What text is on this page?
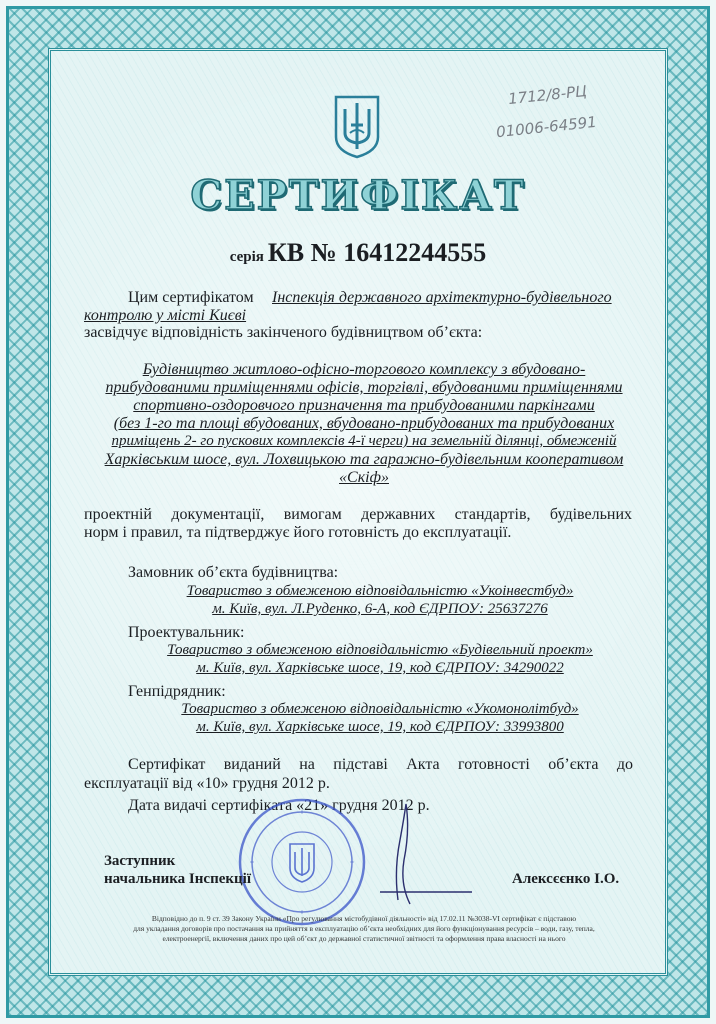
1712/8-РЦ
01006-64591
СЕРТИФІКАТ
серія КВ № 16412244555
Цим сертифікатом Інспекція державного архітектурно-будівельного
контролю у місті Києві
засвідчує відповідність закінченого будівництвом об’єкта:
Будівництво житлово-офісно-торгового комплексу з вбудовано-
прибудованими приміщеннями офісів, торгівлі, вбудованими приміщеннями
спортивно-оздоровчого призначення та прибудованими паркінгами
(без 1-го та площі вбудованих, вбудовано-прибудованих та прибудованих
приміщень 2- го пускових комплексів 4-ї черги) на земельній ділянці, обмеженій
Харківським шосе, вул. Лохвицькою та гаражно-будівельним кооперативом
«Скіф»
проектній документації, вимогам державних стандартів, будівельних
норм і правил, та підтверджує його готовність до експлуатації.
Замовник об’єкта будівництва:
Товариство з обмеженою відповідальністю «Укоінвестбуд»
м. Київ, вул. Л.Руденко, 6-А, код ЄДРПОУ: 25637276
Проектувальник:
Товариство з обмеженою відповідальністю «Будівельний проект»
м. Київ, вул. Харківське шосе, 19, код ЄДРПОУ: 34290022
Генпідрядник:
Товариство з обмеженою відповідальністю «Укомонолітбуд»
м. Київ, вул. Харківське шосе, 19, код ЄДРПОУ: 33993800
Сертифікат виданий на підставі Акта готовності об’єкта до
експлуатації від «10» грудня 2012 р.
Дата видачі сертифіката «21» грудня 2012 р.
Заступник
начальника Інспекції	Алексєєнко І.О.
Відповідно до п. 9 ст. 39 Закону України «Про регулювання містобудівної діяльності» від 17.02.11 №3038-VI сертифікат є підставою
для укладання договорів про постачання на прийняття в експлуатацію об’єкта необхідних для його функціонування ресурсів – води, газу, тепла,
електроенергії, включення даних про цей об’єкт до державної статистичної звітності та оформлення права власності на нього
